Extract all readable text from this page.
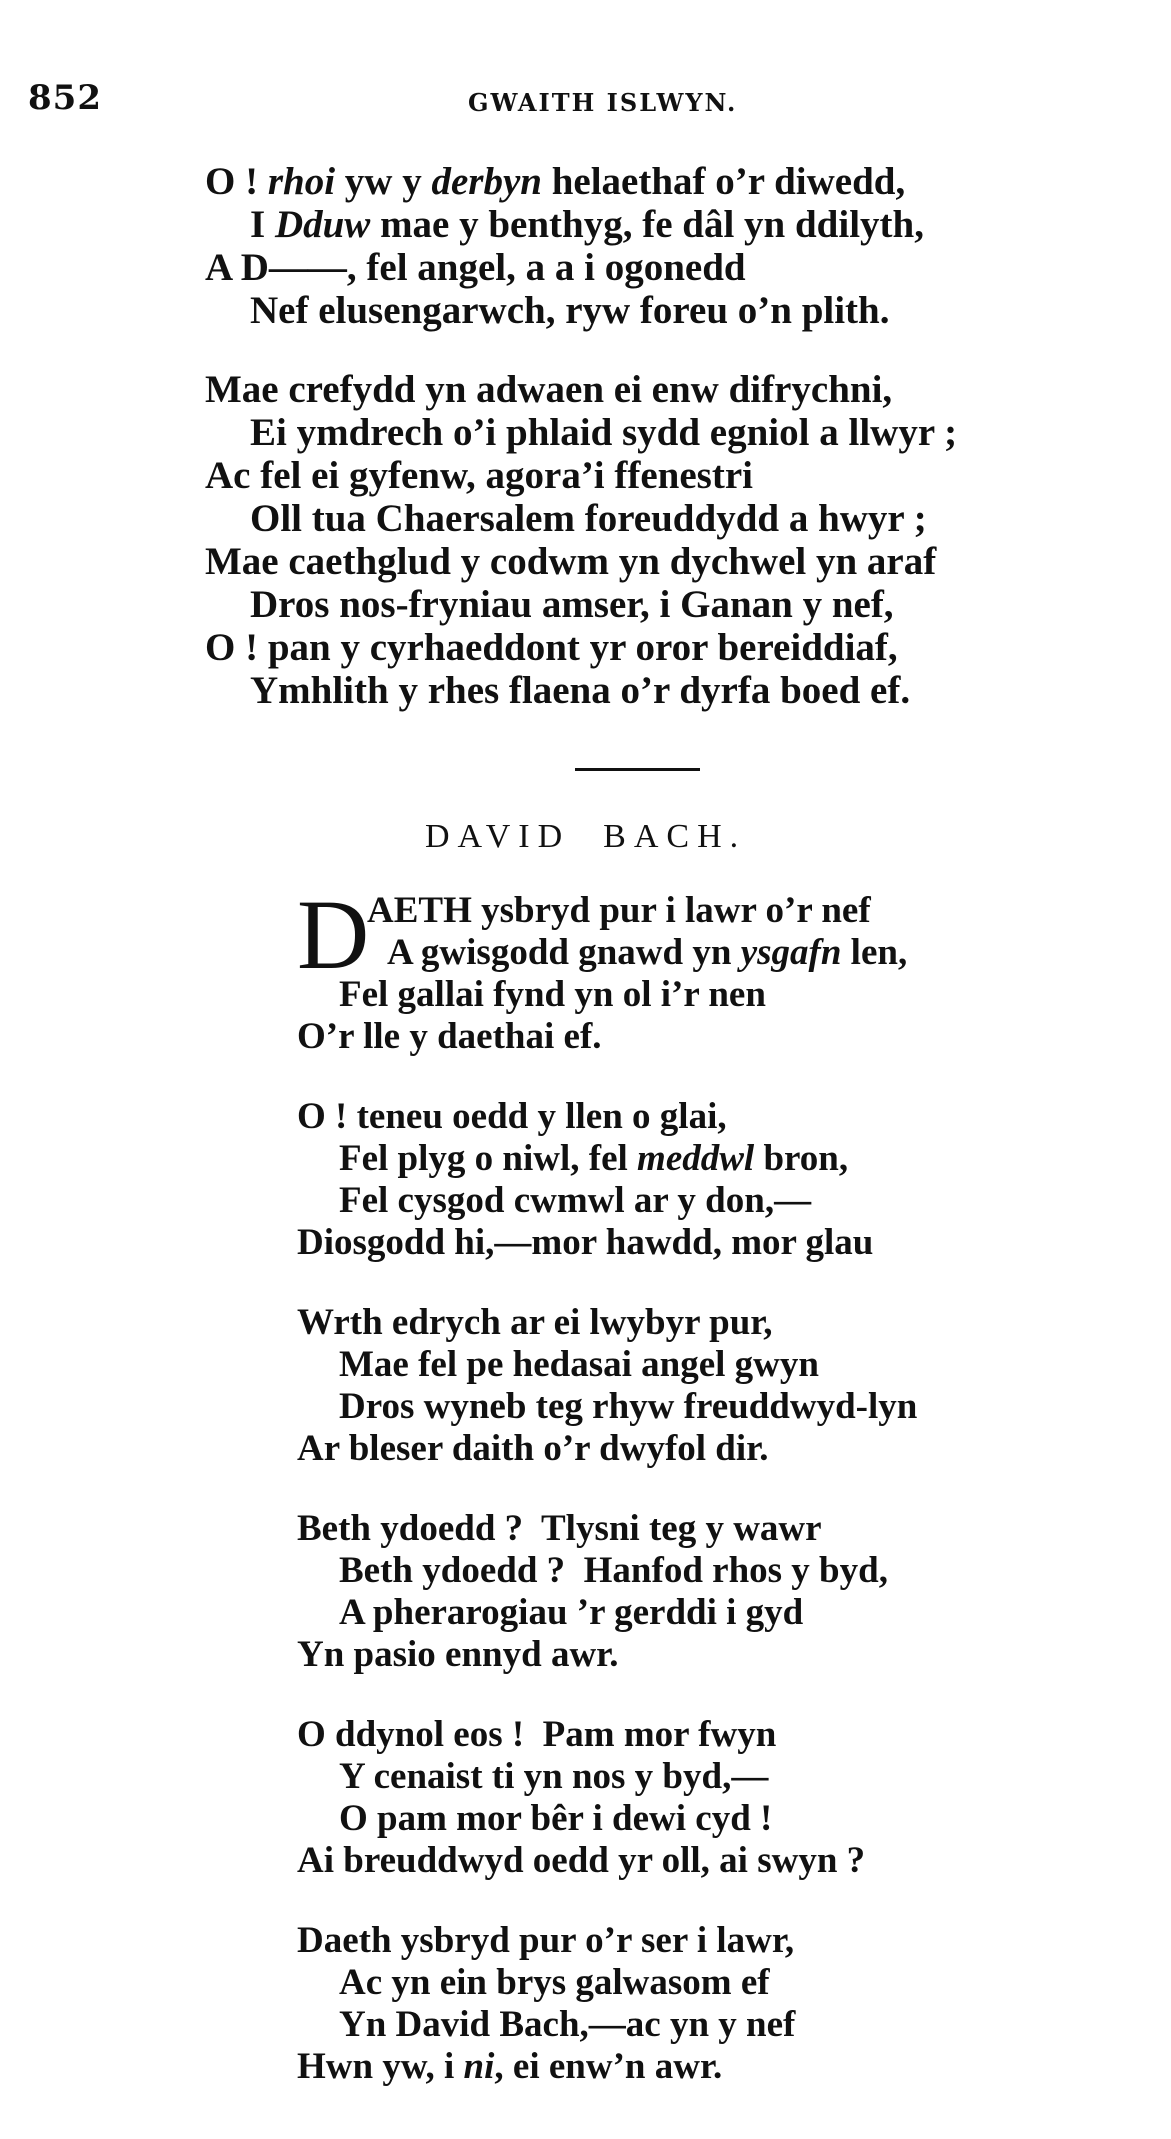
852	GWAITH ISLWYN.
O ! rhoi yw y derbyn helaethaf o’r diwedd,
I Dduw mae y benthyg, fe dâl yn ddilyth,
A D——, fel angel, a a i ogonedd
Nef elusengarwch, ryw foreu o’n plith.
Mae crefydd yn adwaen ei enw difrychni,
Ei ymdrech o’i phlaid sydd egniol a llwyr ;
Ac fel ei gyfenw, agora’i ffenestri
Oll tua Chaersalem foreuddydd a hwyr ;
Mae caethglud y codwm yn dychwel yn araf
Dros nos-fryniau amser, i Ganan y nef,
O ! pan y cyrhaeddont yr oror bereiddiaf,
Ymhlith y rhes flaena o’r dyrfa boed ef.
DAVID  BACH.
D
AETH ysbryd pur i lawr o’r nef
A gwisgodd gnawd yn ysgafn len,
Fel gallai fynd yn ol i’r nen
O’r lle y daethai ef.
O ! teneu oedd y llen o glai,
Fel plyg o niwl, fel meddwl bron,
Fel cysgod cwmwl ar y don,—
Diosgodd hi,—mor hawdd, mor glau
Wrth edrych ar ei lwybyr pur,
Mae fel pe hedasai angel gwyn
Dros wyneb teg rhyw freuddwyd-lyn
Ar bleser daith o’r dwyfol dir.
Beth ydoedd ?  Tlysni teg y wawr
Beth ydoedd ?  Hanfod rhos y byd,
A pherarogiau ’r gerddi i gyd
Yn pasio ennyd awr.
O ddynol eos !  Pam mor fwyn
Y cenaist ti yn nos y byd,—
O pam mor bêr i dewi cyd !
Ai breuddwyd oedd yr oll, ai swyn ?
Daeth ysbryd pur o’r ser i lawr,
Ac yn ein brys galwasom ef
Yn David Bach,—ac yn y nef
Hwn yw, i ni, ei enw’n awr.
